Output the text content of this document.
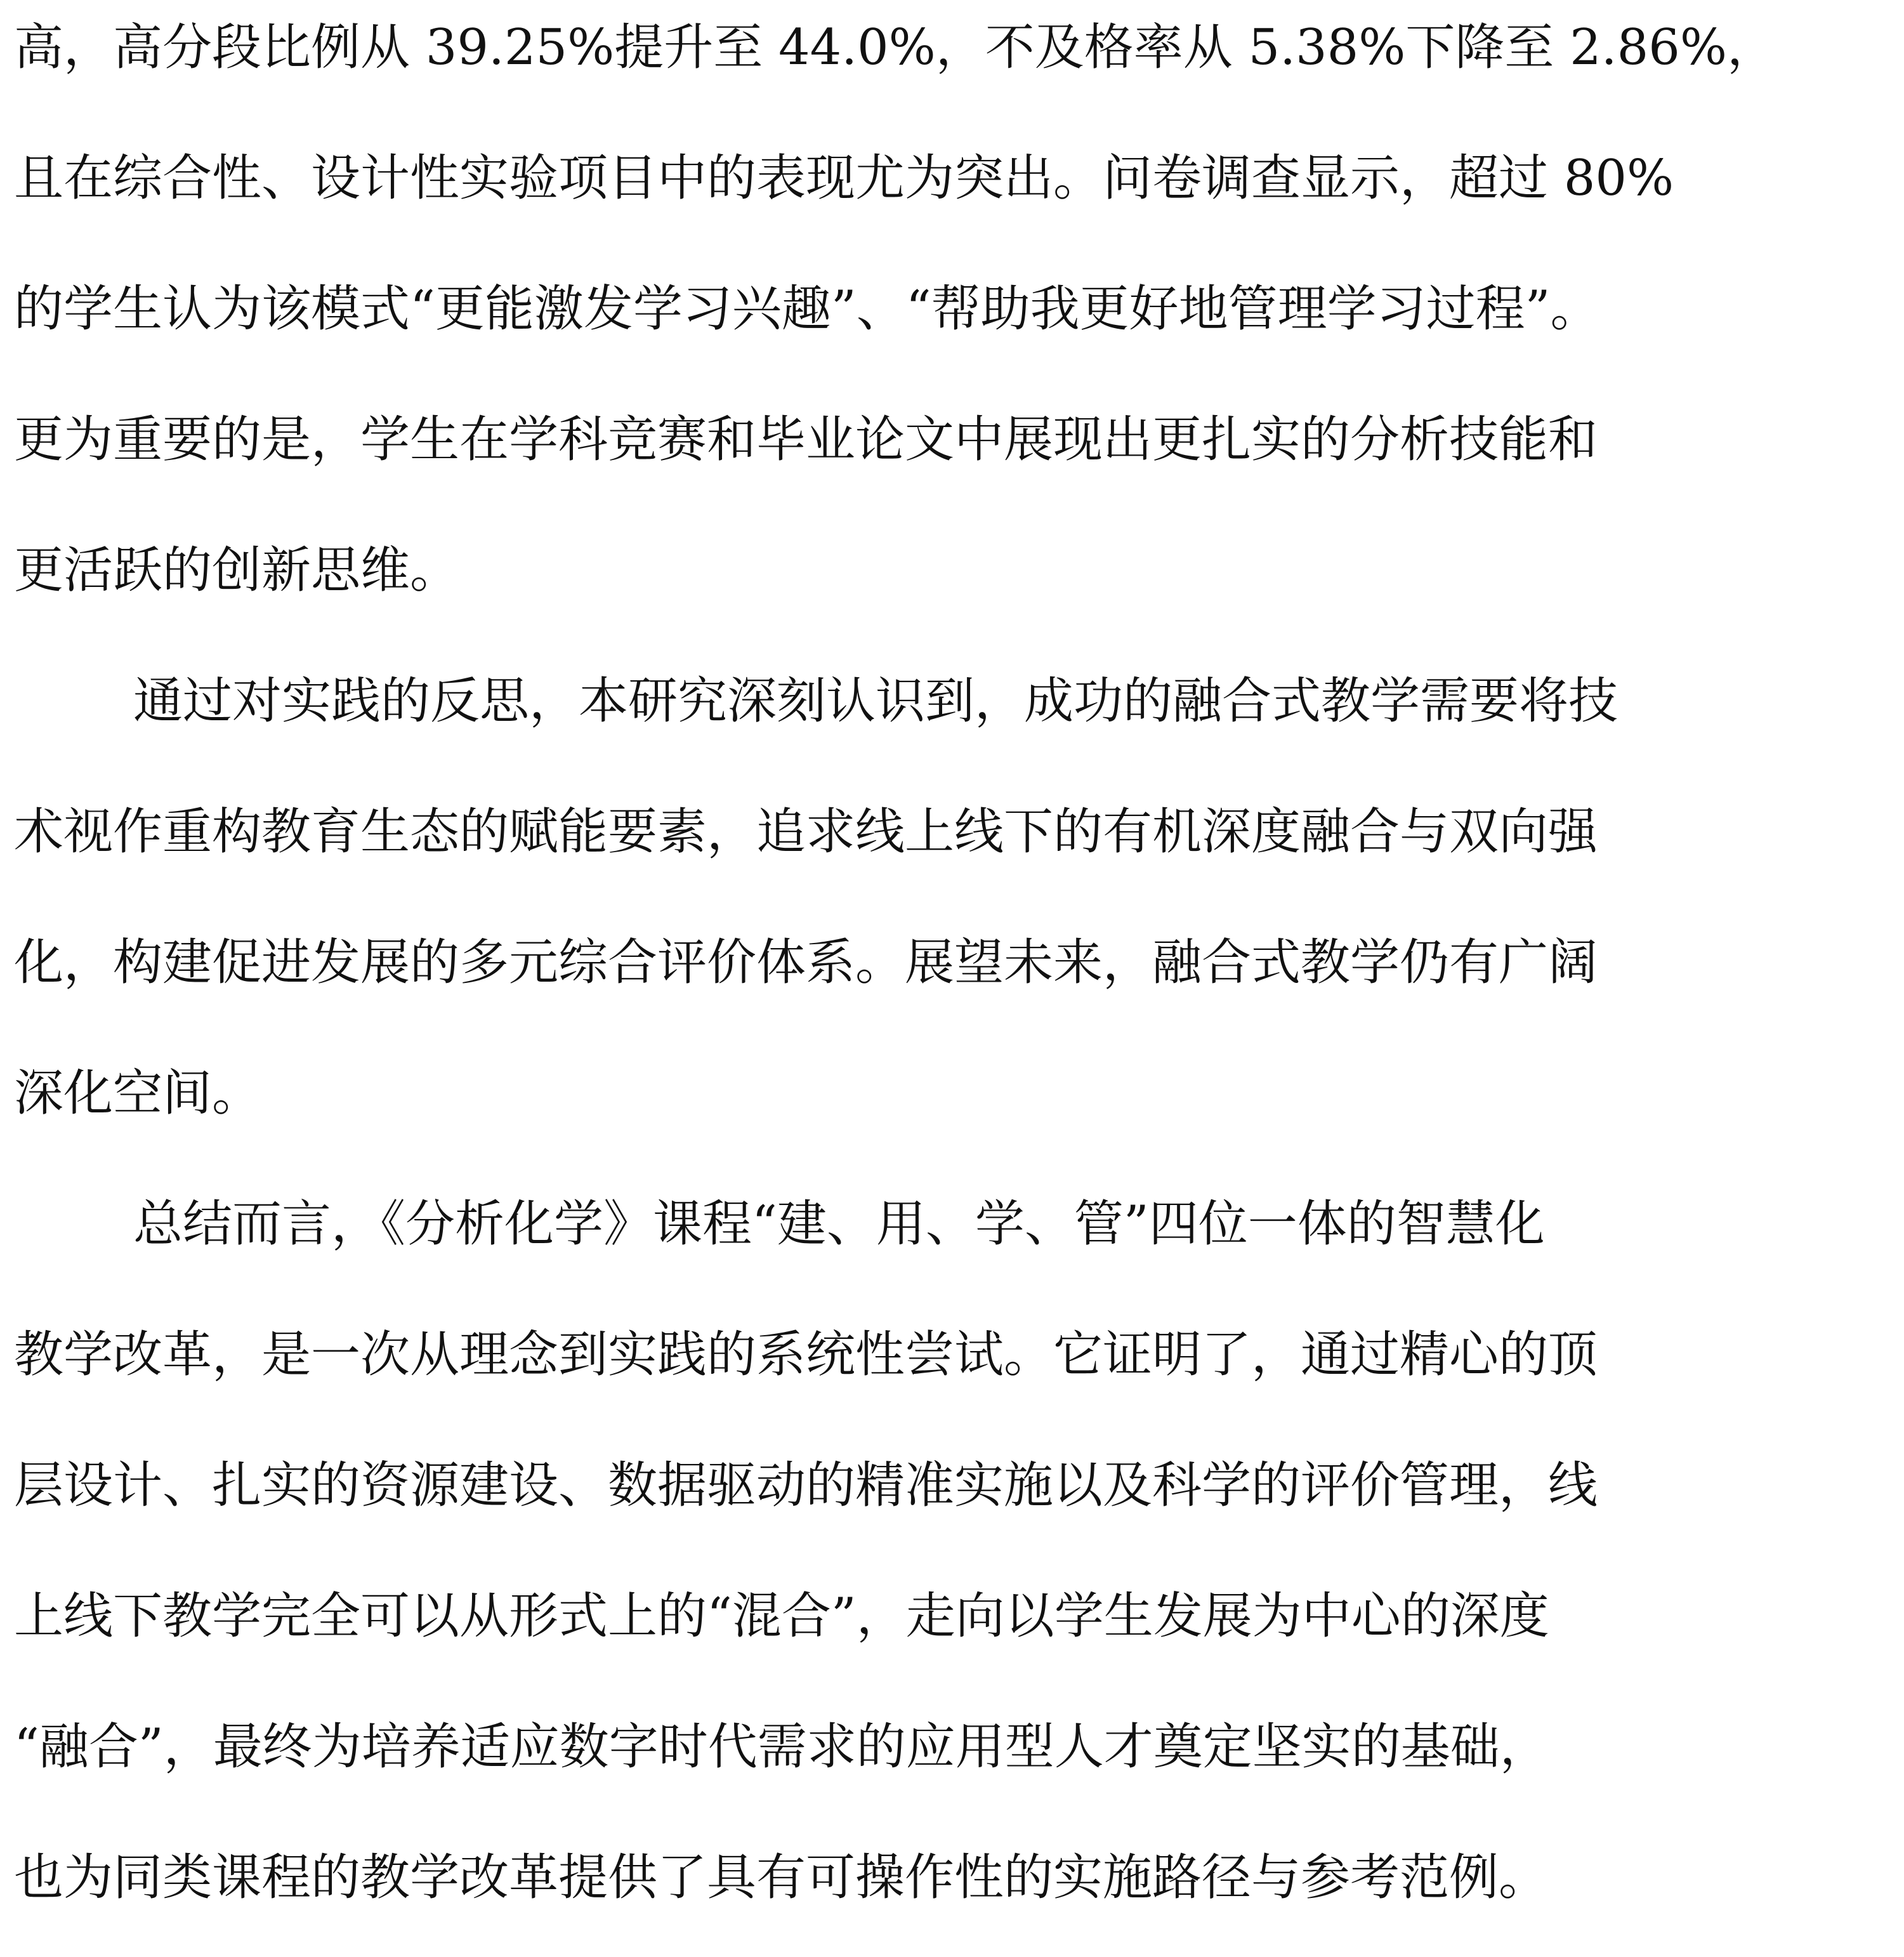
高，高分段比例从 39.25%提升至 44.0%，不及格率从 5.38%下降至 2.86%，
且在综合性、设计性实验项目中的表现尤为突出。问卷调查显示，超过 80%
的学生认为该模式“更能激发学习兴趣”、“帮助我更好地管理学习过程”。
更为重要的是，学生在学科竞赛和毕业论文中展现出更扎实的分析技能和
更活跃的创新思维。
通过对实践的反思，本研究深刻认识到，成功的融合式教学需要将技
术视作重构教育生态的赋能要素，追求线上线下的有机深度融合与双向强
化，构建促进发展的多元综合评价体系。展望未来，融合式教学仍有广阔
深化空间。
总结而言，《分析化学》课程“建、用、学、管”四位一体的智慧化
教学改革，是一次从理念到实践的系统性尝试。它证明了，通过精心的顶
层设计、扎实的资源建设、数据驱动的精准实施以及科学的评价管理，线
上线下教学完全可以从形式上的“混合”，走向以学生发展为中心的深度
“融合”，最终为培养适应数字时代需求的应用型人才奠定坚实的基础，
也为同类课程的教学改革提供了具有可操作性的实施路径与参考范例。
